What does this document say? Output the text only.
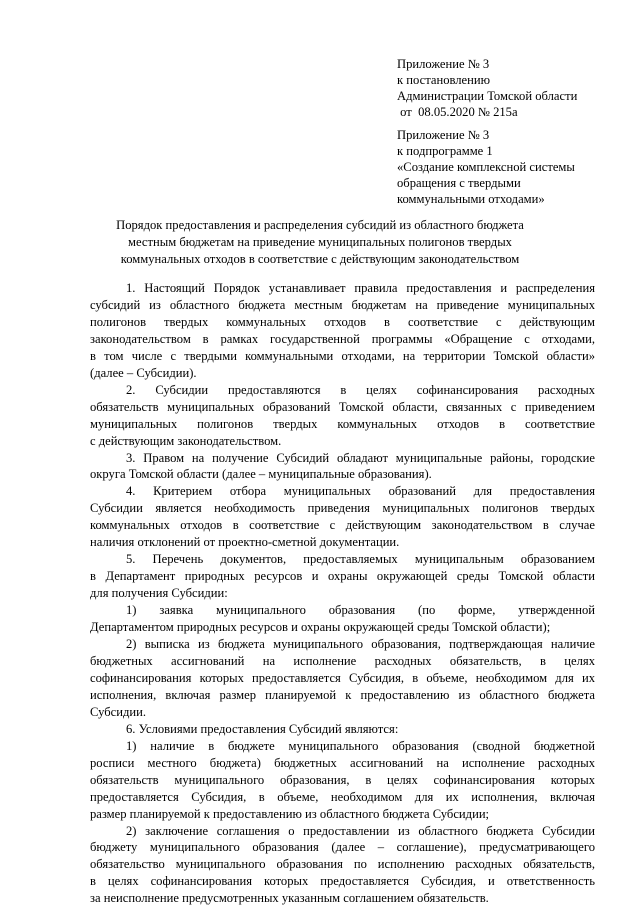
Приложение № 3
к постановлению
Администрации Томской области
от  08.05.2020 № 215а
Приложение № 3
к подпрограмме 1
«Создание комплексной системы
обращения с твердыми
коммунальными отходами»
Порядок предоставления и распределения субсидий из областного бюджета
местным бюджетам на приведение муниципальных полигонов твердых
коммунальных отходов в соответствие с действующим законодательством
1. Настоящий Порядок устанавливает правила предоставления и распределения
субсидий из областного бюджета местным бюджетам на приведение муниципальных
полигонов твердых коммунальных отходов в соответствие с действующим
законодательством в рамках государственной программы «Обращение с отходами,
в том числе с твердыми коммунальными отходами, на территории Томской области»
(далее – Субсидии).
2. Субсидии предоставляются в целях софинансирования расходных
обязательств муниципальных образований Томской области, связанных с приведением
муниципальных полигонов твердых коммунальных отходов в соответствие
с действующим законодательством.
3. Правом на получение Субсидий обладают муниципальные районы, городские
округа Томской области (далее – муниципальные образования).
4. Критерием отбора муниципальных образований для предоставления
Субсидии является необходимость приведения муниципальных полигонов твердых
коммунальных отходов в соответствие с действующим законодательством в случае
наличия отклонений от проектно-сметной документации.
5. Перечень документов, предоставляемых муниципальным образованием
в Департамент природных ресурсов и охраны окружающей среды Томской области
для получения Субсидии:
1) заявка муниципального образования (по форме, утвержденной
Департаментом природных ресурсов и охраны окружающей среды Томской области);
2) выписка из бюджета муниципального образования, подтверждающая наличие
бюджетных ассигнований на исполнение расходных обязательств, в целях
софинансирования которых предоставляется Субсидия, в объеме, необходимом для их
исполнения, включая размер планируемой к предоставлению из областного бюджета
Субсидии.
6. Условиями предоставления Субсидий являются:
1) наличие в бюджете муниципального образования (сводной бюджетной
росписи местного бюджета) бюджетных ассигнований на исполнение расходных
обязательств муниципального образования, в целях софинансирования которых
предоставляется Субсидия, в объеме, необходимом для их исполнения, включая
размер планируемой к предоставлению из областного бюджета Субсидии;
2) заключение соглашения о предоставлении из областного бюджета Субсидии
бюджету муниципального образования (далее – соглашение), предусматривающего
обязательство муниципального образования по исполнению расходных обязательств,
в целях софинансирования которых предоставляется Субсидия, и ответственность
за неисполнение предусмотренных указанным соглашением обязательств.
